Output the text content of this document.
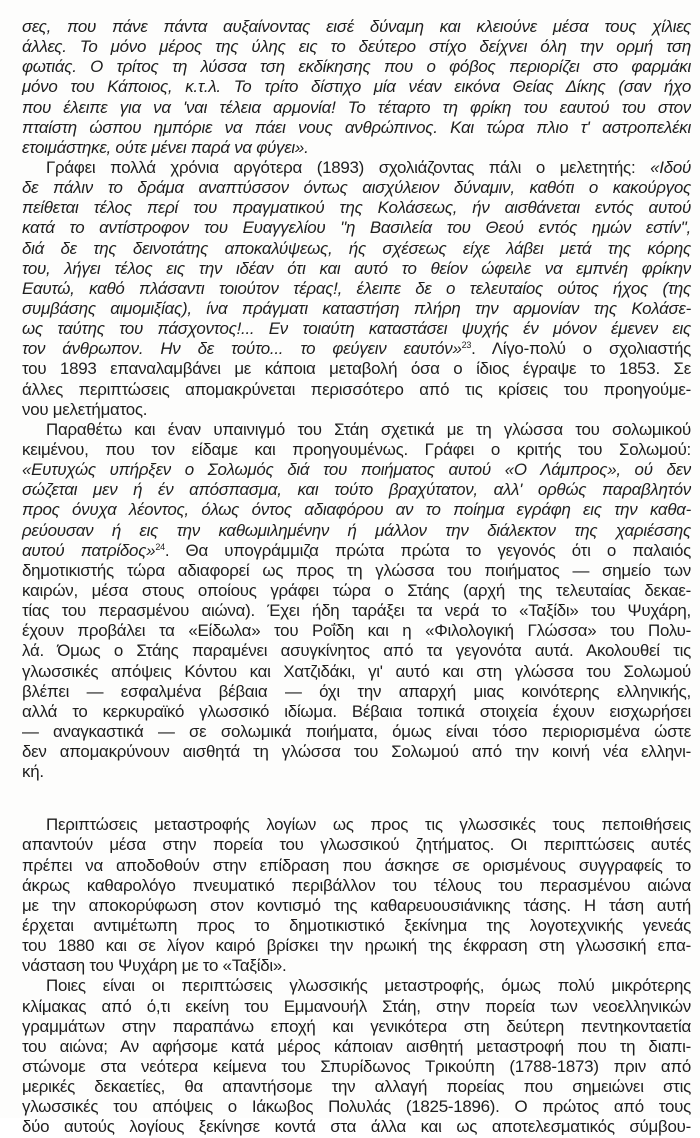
σες, που πάνε πάντα αυξαίνοντας εισέ δύναμη και κλειούνε μέσα τους χίλιες
άλλες. Το μόνο μέρος της ύλης εις το δεύτερο στίχο δείχνει όλη την ορμή τση
φωτιάς. Ο τρίτος τη λύσσα τση εκδίκησης που ο φόβος περιορίζει στο φαρμάκι
μόνο του Κάποιος, κ.τ.λ. Το τρίτο δίστιχο μία νέαν εικόνα Θείας Δίκης (σαν ήχο
που έλειπε για να 'ναι τέλεια αρμονία! Το τέταρτο τη φρίκη του εαυτού του στον
πταίστη ώσπου ημπόριε να πάει νους ανθρώπινος. Και τώρα πλιο τ' αστροπελέκι
ετοιμάστηκε, ούτε μένει παρά να φύγει».
Γράφει πολλά χρόνια αργότερα (1893) σχολιάζοντας πάλι ο μελετητής: «Ιδού
δε πάλιν το δράμα αναπτύσσον όντως αισχύλειον δύναμιν, καθότι ο κακούργος
πείθεται τέλος περί του πραγματικού της Κολάσεως, ήν αισθάνεται εντός αυτού
κατά το αντίστροφον του Ευαγγελίου "η Βασιλεία του Θεού εντός ημών εστίν",
διά δε της δεινοτάτης αποκαλύψεως, ής σχέσεως είχε λάβει μετά της κόρης
του, λήγει τέλος εις την ιδέαν ότι και αυτό το θείον ώφειλε να εμπνέη φρίκην
Εαυτώ, καθό πλάσαντι τοιούτον τέρας!, έλειπε δε ο τελευταίος ούτος ήχος (της
συμβάσης αιμομιξίας), ίνα πράγματι καταστήση πλήρη την αρμονίαν της Κολάσε-
ως ταύτης του πάσχοντος!... Εν τοιαύτη καταστάσει ψυχής έν μόνον έμενεν εις
τον άνθρωπον. Ην δε τούτο... το φεύγειν εαυτόν»$^{23}$. Λίγο-πολύ ο σχολιαστής
του 1893 επαναλαμβάνει με κάποια μεταβολή όσα ο ίδιος έγραψε το 1853. Σε
άλλες περιπτώσεις απομακρύνεται περισσότερο από τις κρίσεις του προηγούμε-
νου μελετήματος.
Παραθέτω και έναν υπαινιγμό του Στάη σχετικά με τη γλώσσα του σολωμικού
κειμένου, που τον είδαμε και προηγουμένως. Γράφει ο κριτής του Σολωμού:
«Ευτυχώς υπήρξεν ο Σολωμός διά του ποιήματος αυτού «Ο Λάμπρος», ού δεν
σώζεται μεν ή έν απόσπασμα, και τούτο βραχύτατον, αλλ' ορθώς παραβλητόν
προς όνυχα λέοντος, όλως όντος αδιαφόρου αν το ποίημα εγράφη εις την καθα-
ρεύουσαν ή εις την καθωμιλημένην ή μάλλον την διάλεκτον της χαριέσσης
αυτού πατρίδος»$^{24}$. Θα υπογράμμιζα πρώτα πρώτα το γεγονός ότι ο παλαιός
δημοτικιστής τώρα αδιαφορεί ως προς τη γλώσσα του ποιήματος — σημείο των
καιρών, μέσα στους οποίους γράφει τώρα ο Στάης (αρχή της τελευταίας δεκαε-
τίας του περασμένου αιώνα). Έχει ήδη ταράξει τα νερά το «Ταξίδι» του Ψυχάρη,
έχουν προβάλει τα «Είδωλα» του Ροΐδη και η «Φιλολογική Γλώσσα» του Πολυ-
λά. Όμως ο Στάης παραμένει ασυγκίνητος από τα γεγονότα αυτά. Ακολουθεί τις
γλωσσικές απόψεις Κόντου και Χατζιδάκι, γι' αυτό και στη γλώσσα του Σολωμού
βλέπει — εσφαλμένα βέβαια — όχι την απαρχή μιας κοινότερης ελληνικής,
αλλά το κερκυραϊκό γλωσσικό ιδίωμα. Βέβαια τοπικά στοιχεία έχουν εισχωρήσει
— αναγκαστικά — σε σολωμικά ποιήματα, όμως είναι τόσο περιορισμένα ώστε
δεν απομακρύνουν αισθητά τη γλώσσα του Σολωμού από την κοινή νέα ελληνι-
κή.
Περιπτώσεις μεταστροφής λογίων ως προς τις γλωσσικές τους πεποιθήσεις
απαντούν μέσα στην πορεία του γλωσσικού ζητήματος. Οι περιπτώσεις αυτές
πρέπει να αποδοθούν στην επίδραση που άσκησε σε ορισμένους συγγραφείς το
άκρως καθαρολόγο πνευματικό περιβάλλον του τέλους του περασμένου αιώνα
με την αποκορύφωση στον κοντισμό της καθαρευουσιάνικης τάσης. Η τάση αυτή
έρχεται αντιμέτωπη προς το δημοτικιστικό ξεκίνημα της λογοτεχνικής γενεάς
του 1880 και σε λίγον καιρό βρίσκει την ηρωική της έκφραση στη γλωσσική επα-
νάσταση του Ψυχάρη με το «Ταξίδι».
Ποιες είναι οι περιπτώσεις γλωσσικής μεταστροφής, όμως πολύ μικρότερης
κλίμακας από ό,τι εκείνη του Εμμανουήλ Στάη, στην πορεία των νεοελληνικών
γραμμάτων στην παραπάνω εποχή και γενικότερα στη δεύτερη πεντηκονταετία
του αιώνα; Αν αφήσομε κατά μέρος κάποιαν αισθητή μεταστροφή που τη διαπι-
στώνομε στα νεότερα κείμενα του Σπυρίδωνος Τρικούπη (1788-1873) πριν από
μερικές δεκαετίες, θα απαντήσομε την αλλαγή πορείας που σημειώνει στις
γλωσσικές του απόψεις ο Ιάκωβος Πολυλάς (1825-1896). Ο πρώτος από τους
δύο αυτούς λογίους ξεκίνησε κοντά στα άλλα και ως αποτελεσματικός σύμβου-
